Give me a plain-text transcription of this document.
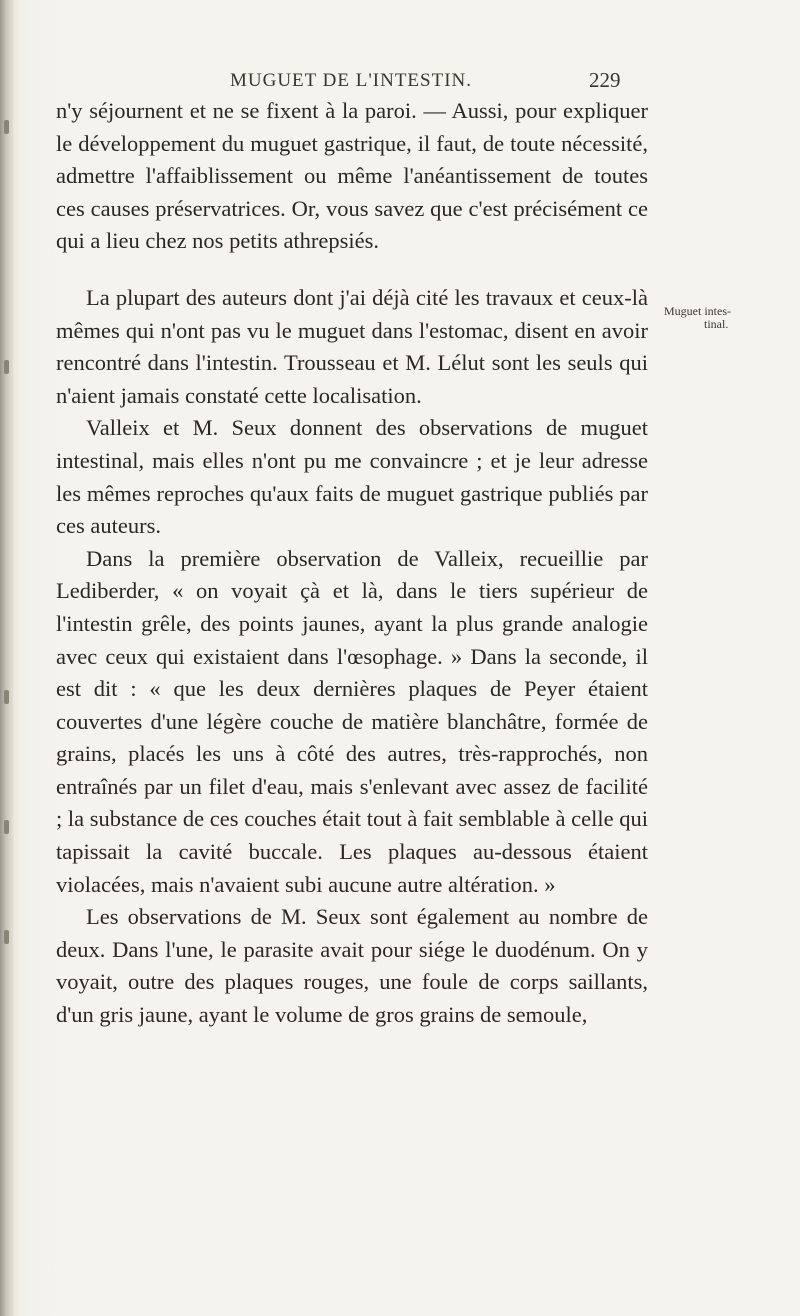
MUGUET DE L'INTESTIN.	229

n'y séjournent et ne se fixent à la paroi. — Aussi, pour expliquer le développement du muguet gastrique, il faut, de toute nécessité, admettre l'affaiblissement ou même l'anéantissement de toutes ces causes préservatrices. Or, vous savez que c'est précisément ce qui a lieu chez nos petits athrepsiés.

La plupart des auteurs dont j'ai déjà cité les travaux et ceux-là mêmes qui n'ont pas vu le muguet dans l'estomac, disent en avoir rencontré dans l'intestin. Trousseau et M. Lélut sont les seuls qui n'aient jamais constaté cette localisation.

Valleix et M. Seux donnent des observations de muguet intestinal, mais elles n'ont pu me convaincre ; et je leur adresse les mêmes reproches qu'aux faits de muguet gastrique publiés par ces auteurs.

Dans la première observation de Valleix, recueillie par Lediberder, « on voyait çà et là, dans le tiers supérieur de l'intestin grêle, des points jaunes, ayant la plus grande analogie avec ceux qui existaient dans l'œsophage. » Dans la seconde, il est dit : « que les deux dernières plaques de Peyer étaient couvertes d'une légère couche de matière blanchâtre, formée de grains, placés les uns à côté des autres, très-rapprochés, non entraînés par un filet d'eau, mais s'enlevant avec assez de facilité ; la substance de ces couches était tout à fait semblable à celle qui tapissait la cavité buccale. Les plaques au-dessous étaient violacées, mais n'avaient subi aucune autre altération. »

Les observations de M. Seux sont également au nombre de deux. Dans l'une, le parasite avait pour siége le duodénum. On y voyait, outre des plaques rouges, une foule de corps saillants, d'un gris jaune, ayant le volume de gros grains de semoule,

Muguet intes-
tinal.
